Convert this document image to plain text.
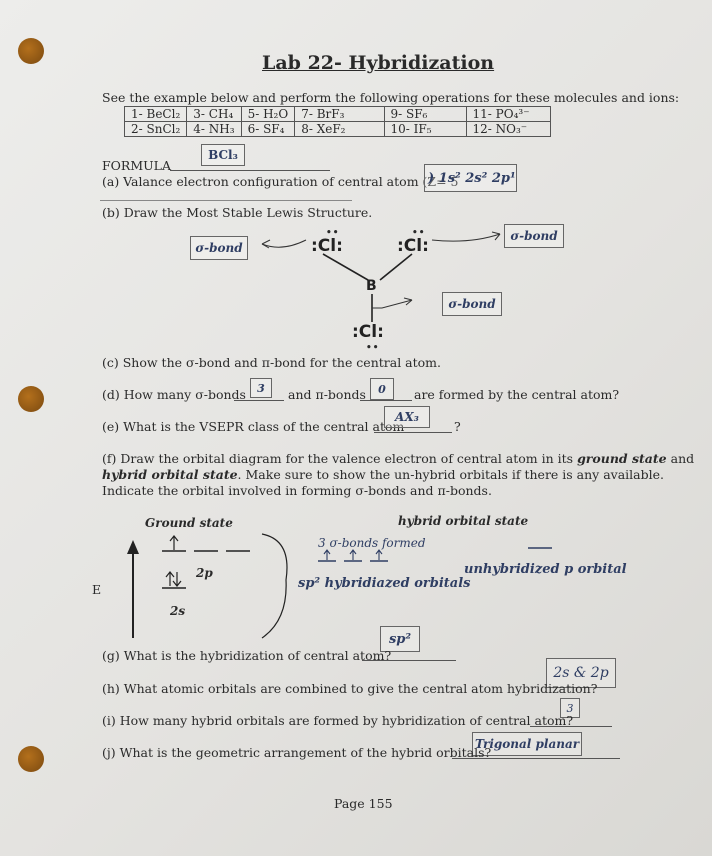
Lab 22- Hybridization
See the example below and perform the following operations for these molecules and ions:
1- BeCl₂	3- CH₄	5- H₂O	7- BrF₃	9- SF₆	11- PO₄³⁻
2- SnCl₂	4- NH₃	6- SF₄	8- XeF₂	10- IF₅	12- NO₃⁻
BCl₃
FORMULA
(a) Valance electron configuration of central atom (Z= 5
) 1s² 2s² 2p¹
(b) Draw the Most Stable Lewis Structure.
σ-bond
σ-bond
σ-bond
:Cl:
••
:Cl:
••
B
:Cl:
••
(c) Show the σ-bond and π-bond for the central atom.
(d) How many σ-bonds	3	and π-bonds	0	are formed by the central atom?
(e) What is the VSEPR class of the central atom
AX₃
?
(f) Draw the orbital diagram for the valence electron of central atom in its ground state and
hybrid orbital state. Make sure to show the un-hybrid orbitals if there is any available.
Indicate the orbital involved in forming σ-bonds and π-bonds.
Ground state	hybrid orbital state
2p
2s
E
3 σ-bonds formed
sp² hybridiazed orbitals
unhybridized p orbital
sp²
(g) What is the hybridization of central atom?
2s & 2p
(h) What atomic orbitals are combined to give the central atom hybridization?
3
(i) How many hybrid orbitals are formed by hybridization of central atom?
Trigonal planar
(j) What is the geometric arrangement of the hybrid orbitals?
Page 155
